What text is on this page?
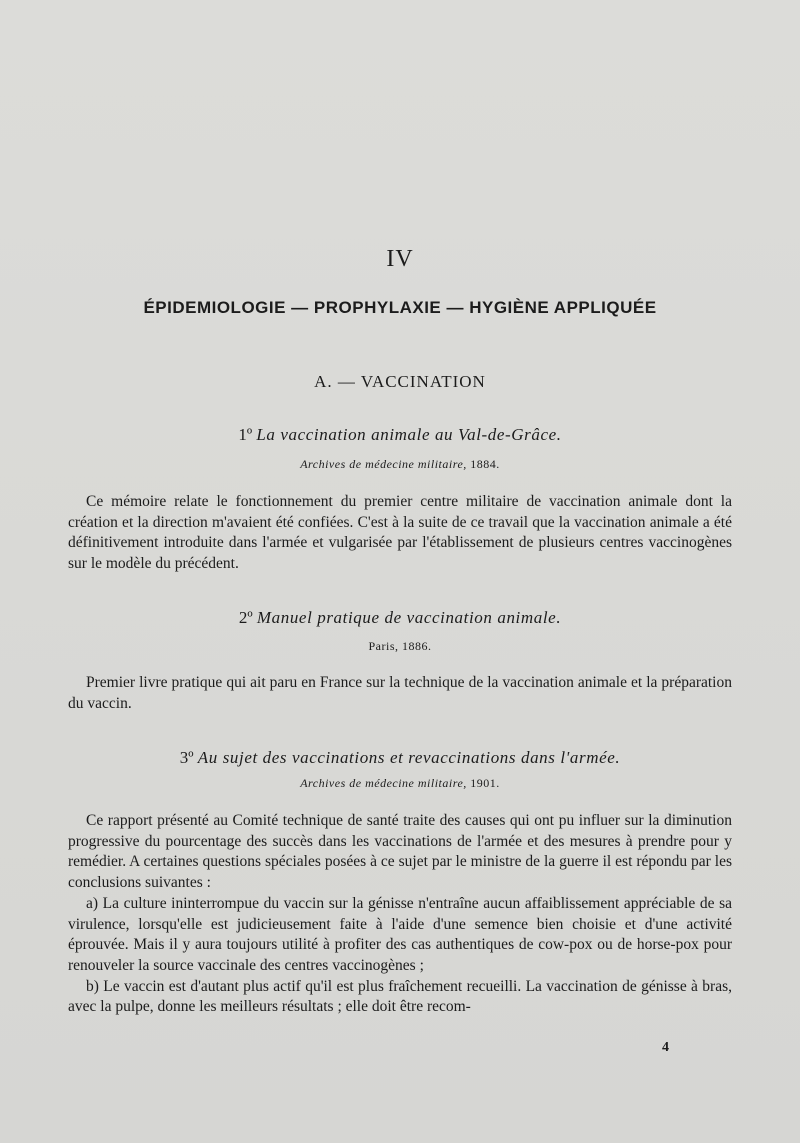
IV
ÉPIDEMIOLOGIE — PROPHYLAXIE — HYGIÈNE APPLIQUÉE
A. — VACCINATION
1º La vaccination animale au Val-de-Grâce.
Archives de médecine militaire, 1884.

Ce mémoire relate le fonctionnement du premier centre militaire de vaccination animale dont la création et la direction m'avaient été confiées. C'est à la suite de ce travail que la vaccination animale a été définitivement introduite dans l'armée et vulgarisée par l'établissement de plusieurs centres vaccinogènes sur le modèle du précédent.

2º Manuel pratique de vaccination animale.
Paris, 1886.

Premier livre pratique qui ait paru en France sur la technique de la vaccination animale et la préparation du vaccin.

3º Au sujet des vaccinations et revaccinations dans l'armée.
Archives de médecine militaire, 1901.

Ce rapport présenté au Comité technique de santé traite des causes qui ont pu influer sur la diminution progressive du pourcentage des succès dans les vaccinations de l'armée et des mesures à prendre pour y remédier. A certaines questions spéciales posées à ce sujet par le ministre de la guerre il est répondu par les conclusions suivantes :

a) La culture ininterrompue du vaccin sur la génisse n'entraîne aucun affaiblissement appréciable de sa virulence, lorsqu'elle est judicieusement faite à l'aide d'une semence bien choisie et d'une activité éprouvée. Mais il y aura toujours utilité à profiter des cas authentiques de cow-pox ou de horse-pox pour renouveler la source vaccinale des centres vaccinogènes ;

b) Le vaccin est d'autant plus actif qu'il est plus fraîchement recueilli. La vaccination de génisse à bras, avec la pulpe, donne les meilleurs résultats ; elle doit être recom-

4
